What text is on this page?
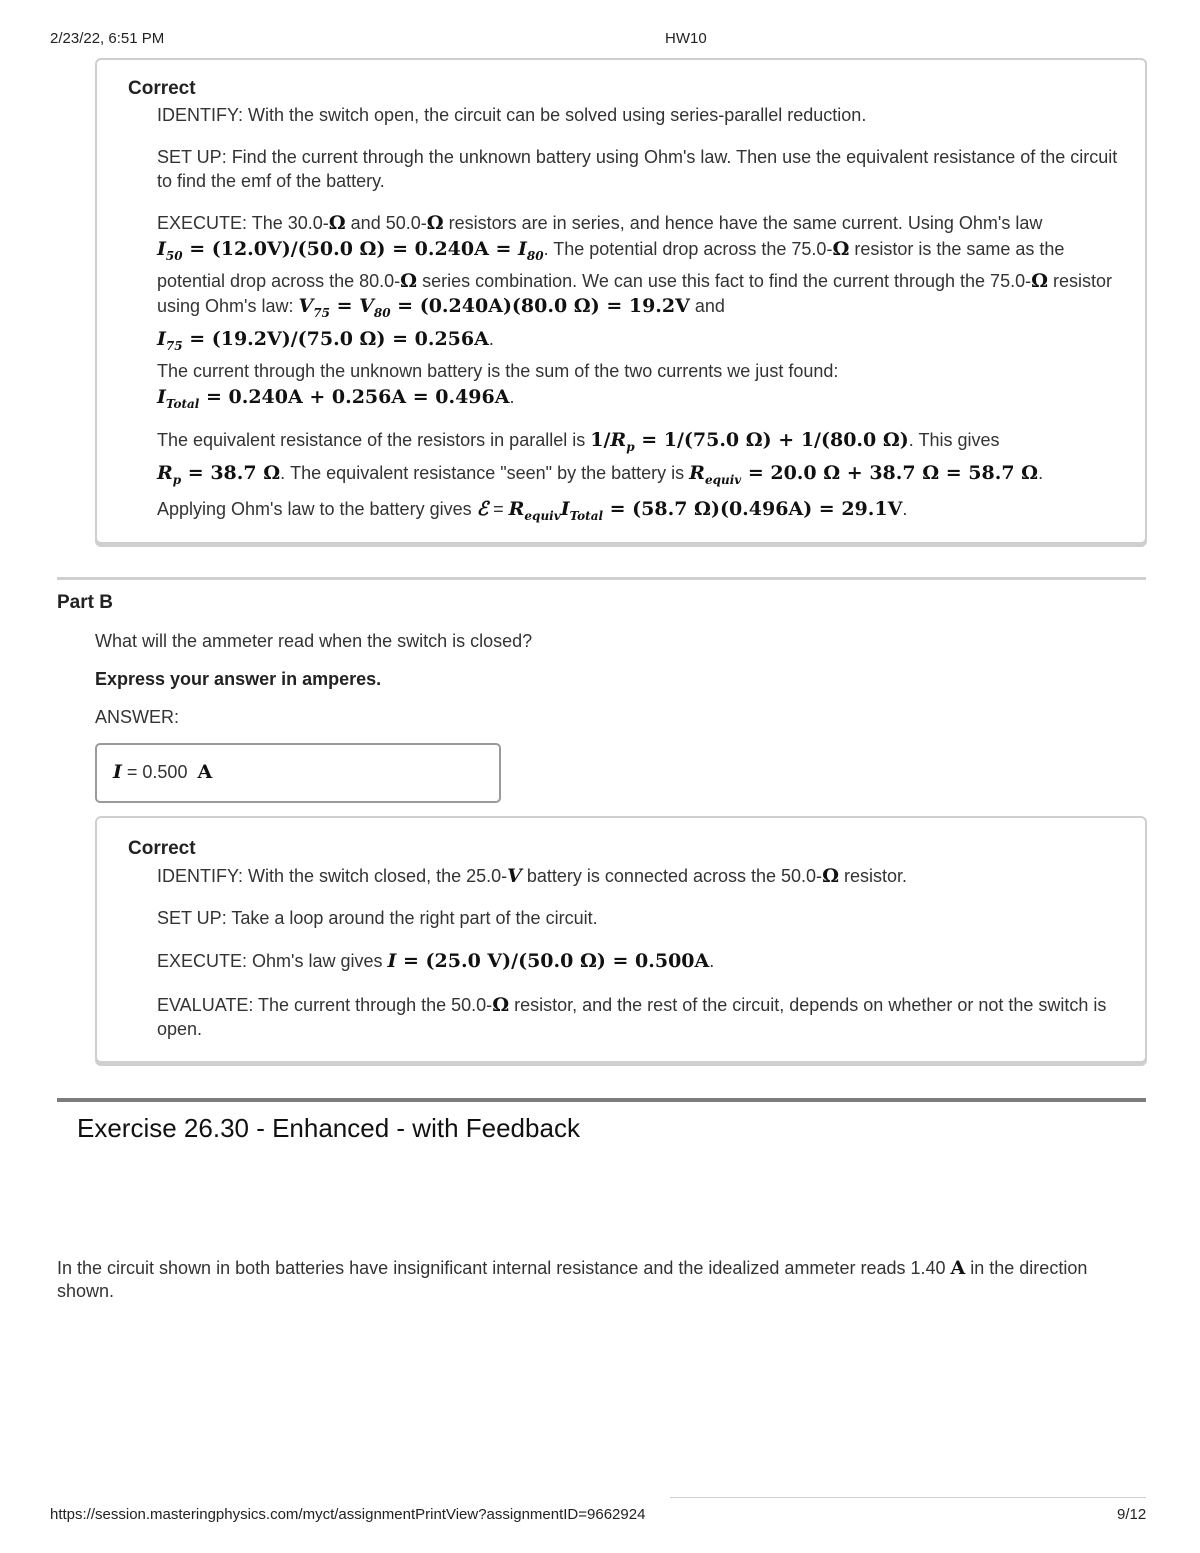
2/23/22, 6:51 PM	HW10
Correct
IDENTIFY: With the switch open, the circuit can be solved using series-parallel reduction.
SET UP: Find the current through the unknown battery using Ohm's law. Then use the equivalent resistance of the circuit to find the emf of the battery.
EXECUTE: The 30.0-Ω and 50.0-Ω resistors are in series, and hence have the same current. Using Ohm's law
$I_{50} = (12.0V)/(50.0$ $\Omega) = 0.240A = I_{80}$. The potential drop across the 75.0-Ω resistor is the same as the potential drop across the 80.0-Ω series combination. We can use this fact to find the current through the 75.0-Ω resistor using Ohm's law: $V_{75} = V_{80} = (0.240A)(80.0$ Ω) = 19.2V and
$I_{75} = (19.2V)/(75.0$ Ω) = 0.256A.
The current through the unknown battery is the sum of the two currents we just found:
$I_{Total} = 0.240A + 0.256A = 0.496A$.
The equivalent resistance of the resistors in parallel is $1/R_p = 1/(75.0$ Ω) + 1/(80.0 Ω). This gives
$R_p = 38.7$ Ω. The equivalent resistance "seen" by the battery is $R_{equiv} = 20.0$ Ω + 38.7 Ω = 58.7 Ω.
Applying Ohm's law to the battery gives ℰ = $R_{equiv}I_{Total} = (58.7$ Ω)(0.496A) = 29.1V.
Part B
What will the ammeter read when the switch is closed?
Express your answer in amperes.
ANSWER:
I = 0.500 A
Correct
IDENTIFY: With the switch closed, the 25.0-V battery is connected across the 50.0-Ω resistor.
SET UP: Take a loop around the right part of the circuit.
EXECUTE: Ohm's law gives I = (25.0 V)/(50.0 Ω) = 0.500A.
EVALUATE: The current through the 50.0-Ω resistor, and the rest of the circuit, depends on whether or not the switch is open.
Exercise 26.30 - Enhanced - with Feedback
In the circuit shown in both batteries have insignificant internal resistance and the idealized ammeter reads 1.40 A in the direction shown.
https://session.masteringphysics.com/myct/assignmentPrintView?assignmentID=9662924	9/12
